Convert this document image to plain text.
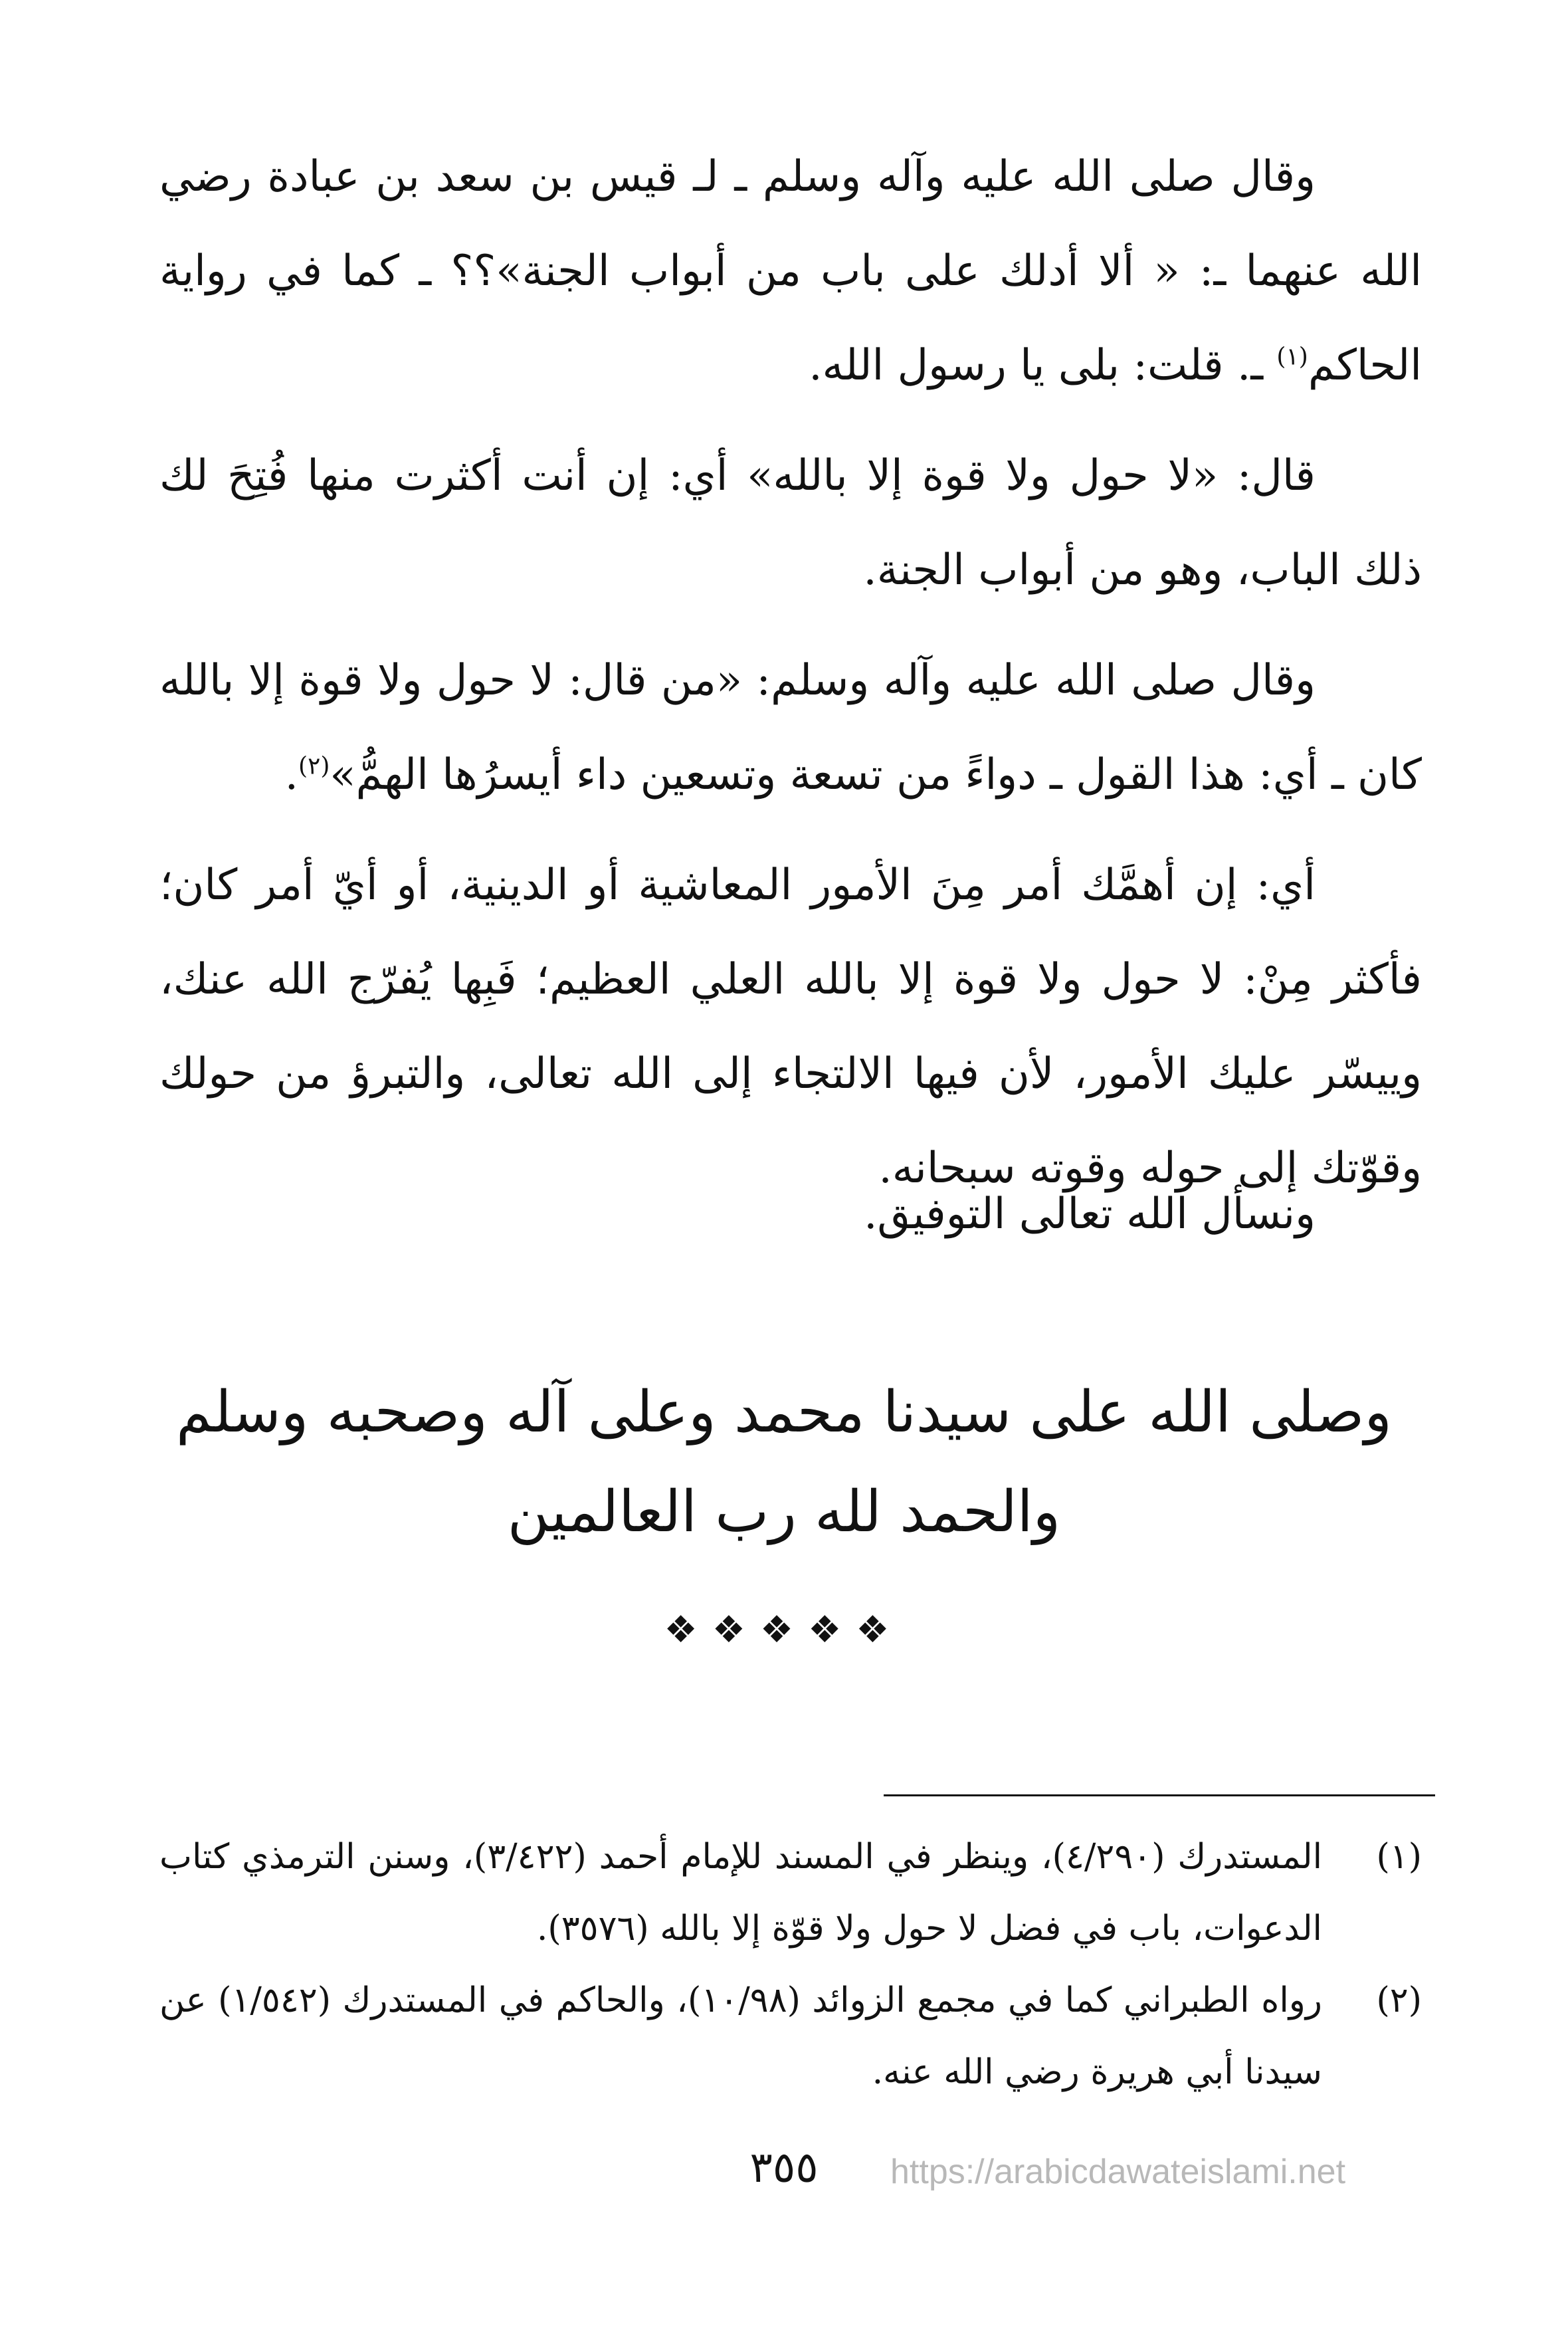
وقال صلى الله عليه وآله وسلم ـ لـ قيس بن سعد بن عبادة رضي الله عنهما ـ: « ألا أدلك على باب من أبواب الجنة»؟؟ ـ كما في رواية الحاكم$^{(١)}$ ـ. قلت: بلى يا رسول الله.

قال: «لا حول ولا قوة إلا بالله» أي: إن أنت أكثرت منها فُتِحَ لك ذلك الباب، وهو من أبواب الجنة.

وقال صلى الله عليه وآله وسلم: «من قال: لا حول ولا قوة إلا بالله كان ـ أي: هذا القول ـ دواءً من تسعة وتسعين داء أيسرُها الهمُّ»$^{(٢)}$.

أي: إن أهمَّك أمر مِنَ الأمور المعاشية أو الدينية، أو أيّ أمر كان؛ فأكثر مِنْ: لا حول ولا قوة إلا بالله العلي العظيم؛ فَبِها يُفرّج الله عنك، وييسّر عليك الأمور، لأن فيها الالتجاء إلى الله تعالى، والتبرؤ من حولك وقوّتك إلى حوله وقوته سبحانه.

ونسأل الله تعالى التوفيق.
وصلى الله على سيدنا محمد وعلى آله وصحبه وسلم
والحمد لله رب العالمين
❖❖❖❖❖
(١)
المستدرك (٤/٢٩٠)، وينظر في المسند للإمام أحمد (٣/٤٢٢)، وسنن الترمذي كتاب الدعوات، باب في فضل لا حول ولا قوّة إلا بالله (٣٥٧٦).
(٢)
رواه الطبراني كما في مجمع الزوائد (١٠/٩٨)، والحاكم في المستدرك (١/٥٤٢) عن سيدنا أبي هريرة رضي الله عنه.
٣٥٥	https://arabicdawateislami.net
